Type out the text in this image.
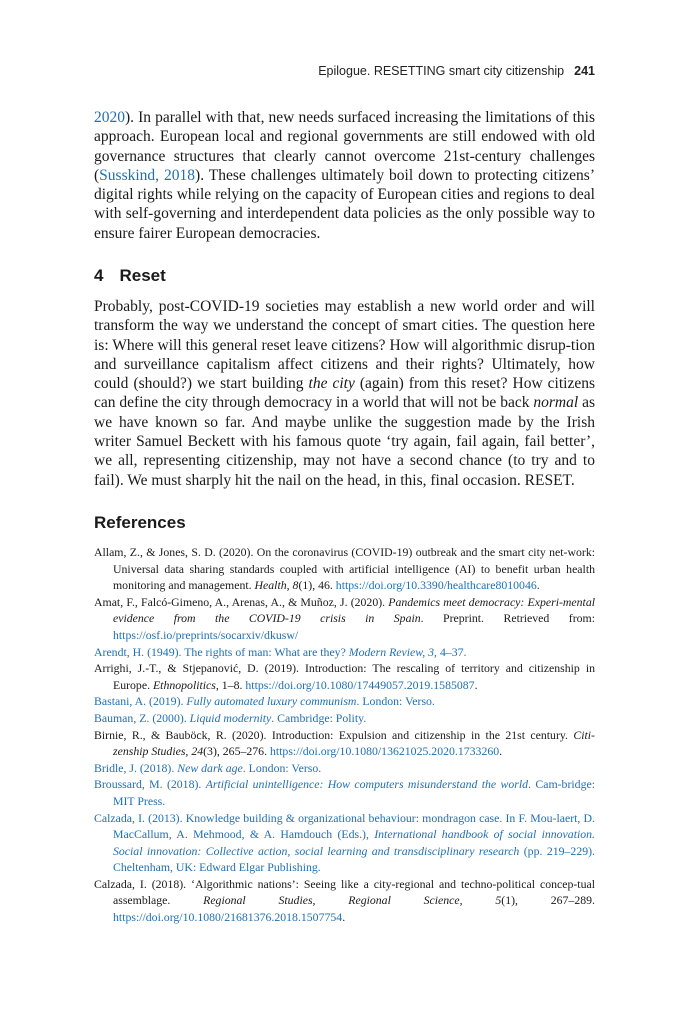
Epilogue. RESETTING smart city citizenship 241

2020). In parallel with that, new needs surfaced increasing the limitations of this approach. European local and regional governments are still endowed with old governance structures that clearly cannot overcome 21st-century challenges (Susskind, 2018). These challenges ultimately boil down to protecting citizens’ digital rights while relying on the capacity of European cities and regions to deal with self-governing and interdependent data policies as the only possible way to ensure fairer European democracies.

4 Reset

Probably, post-COVID-19 societies may establish a new world order and will transform the way we understand the concept of smart cities. The question here is: Where will this general reset leave citizens? How will algorithmic disrup-tion and surveillance capitalism affect citizens and their rights? Ultimately, how could (should?) we start building the city (again) from this reset? How citizens can define the city through democracy in a world that will not be back normal as we have known so far. And maybe unlike the suggestion made by the Irish writer Samuel Beckett with his famous quote ‘try again, fail again, fail better’, we all, representing citizenship, may not have a second chance (to try and to fail). We must sharply hit the nail on the head, in this, final occasion. RESET.

References
Allam, Z., & Jones, S. D. (2020). On the coronavirus (COVID-19) outbreak and the smart city net-work: Universal data sharing standards coupled with artificial intelligence (AI) to benefit urban health monitoring and management. Health, 8(1), 46. https://doi.org/10.3390/healthcare8010046.
Amat, F., Falcó-Gimeno, A., Arenas, A., & Muñoz, J. (2020). Pandemics meet democracy: Experi-mental evidence from the COVID-19 crisis in Spain. Preprint. Retrieved from: https://osf.io/preprints/socarxiv/dkusw/
Arendt, H. (1949). The rights of man: What are they? Modern Review, 3, 4–37.
Arrighi, J.-T., & Stjepanović, D. (2019). Introduction: The rescaling of territory and citizenship in Europe. Ethnopolitics, 1–8. https://doi.org/10.1080/17449057.2019.1585087.
Bastani, A. (2019). Fully automated luxury communism. London: Verso.
Bauman, Z. (2000). Liquid modernity. Cambridge: Polity.
Birnie, R., & Bauböck, R. (2020). Introduction: Expulsion and citizenship in the 21st century. Citi-zenship Studies, 24(3), 265–276. https://doi.org/10.1080/13621025.2020.1733260.
Bridle, J. (2018). New dark age. London: Verso.
Broussard, M. (2018). Artificial unintelligence: How computers misunderstand the world. Cam-bridge: MIT Press.
Calzada, I. (2013). Knowledge building & organizational behaviour: mondragon case. In F. Mou-laert, D. MacCallum, A. Mehmood, & A. Hamdouch (Eds.), International handbook of social innovation. Social innovation: Collective action, social learning and transdisciplinary research (pp. 219–229). Cheltenham, UK: Edward Elgar Publishing.
Calzada, I. (2018). ‘Algorithmic nations’: Seeing like a city-regional and techno-political concep-tual assemblage. Regional Studies, Regional Science, 5(1), 267–289. https://doi.org/10.1080/21681376.2018.1507754.
